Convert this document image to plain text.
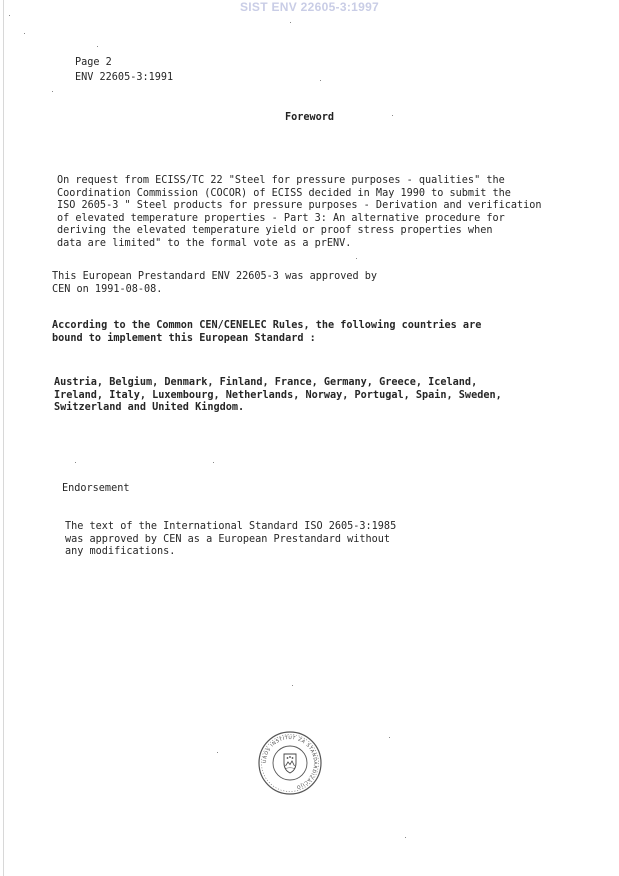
SIST ENV 22605-3:1997
Page 2
ENV 22605-3:1991
Foreword
On request from ECISS/TC 22 "Steel for pressure purposes - qualities" the
Coordination Commission (COCOR) of ECISS decided in May 1990 to submit the
ISO 2605-3 " Steel products for pressure purposes - Derivation and verification
of elevated temperature properties - Part 3: An alternative procedure for
deriving the elevated temperature yield or proof stress properties when
data are limited" to the formal vote as a prENV.
This European Prestandard ENV 22605-3 was approved by
CEN on 1991-08-08.
According to the Common CEN/CENELEC Rules, the following countries are
bound to implement this European Standard :
Austria, Belgium, Denmark, Finland, France, Germany, Greece, Iceland,
Ireland, Italy, Luxembourg, Netherlands, Norway, Portugal, Spain, Sweden,
Switzerland and United Kingdom.
Endorsement
The text of the International Standard ISO 2605-3:1985
was approved by CEN as a European Prestandard without
any modifications.
UROS INSTITUT ZA STANDARDIZACIJO
